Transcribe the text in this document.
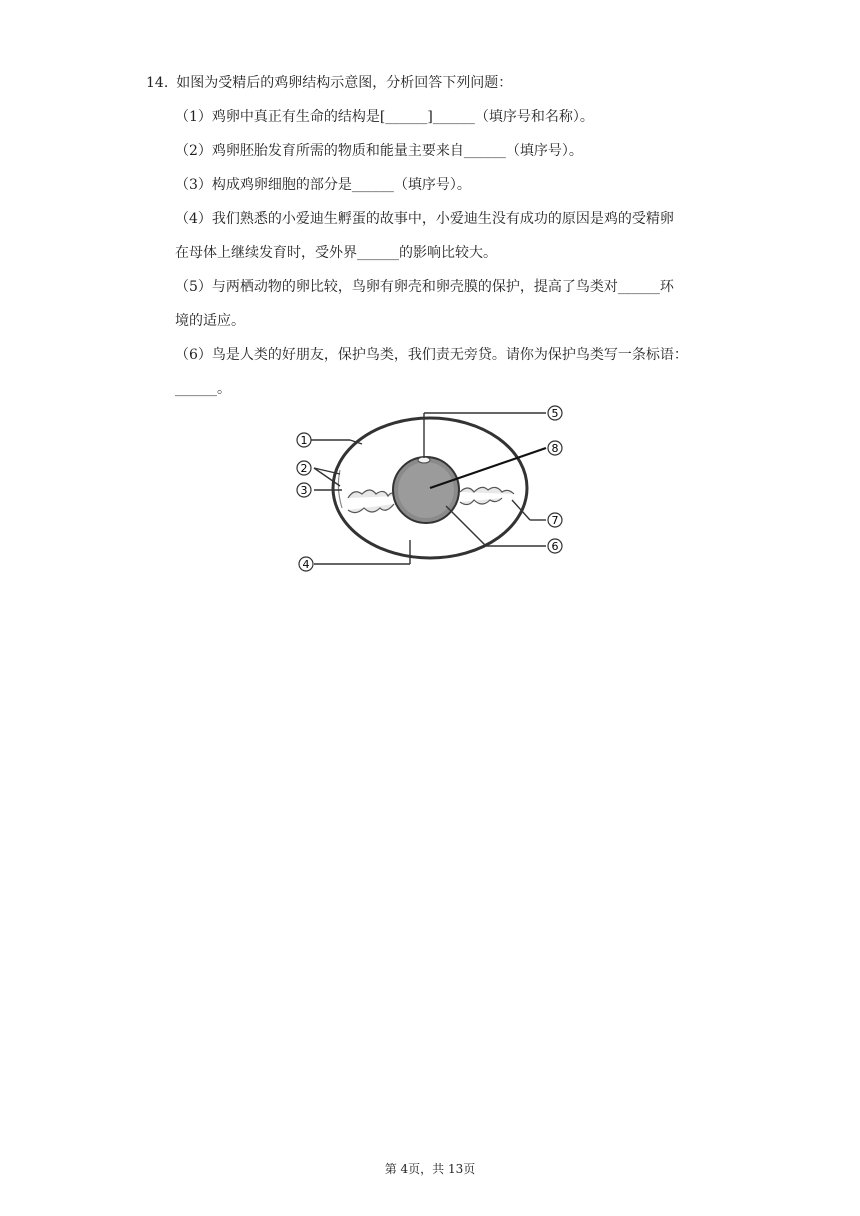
14. 如图为受精后的鸡卵结构示意图，分析回答下列问题：
（1）鸡卵中真正有生命的结构是[______]______（填序号和名称）。
（2）鸡卵胚胎发育所需的物质和能量主要来自______（填序号）。
（3）构成鸡卵细胞的部分是______（填序号）。
（4）我们熟悉的小爱迪生孵蛋的故事中，小爱迪生没有成功的原因是鸡的受精卵
在母体上继续发育时，受外界______的影响比较大。
（5）与两栖动物的卵比较，鸟卵有卵壳和卵壳膜的保护，提高了鸟类对______环
境的适应。
（6）鸟是人类的好朋友，保护鸟类，我们责无旁贷。请你为保护鸟类写一条标语：
______。
1
2
3
4
5
6
7
8
第 4页，共 13页
